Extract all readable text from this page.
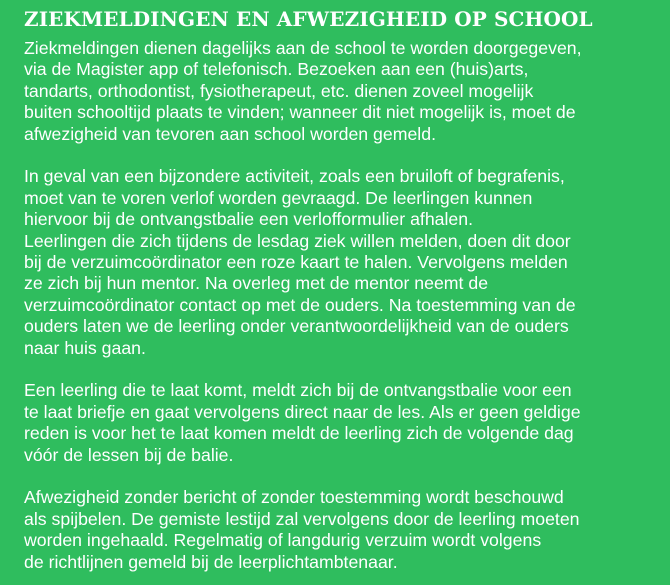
ZIEKMELDINGEN EN AFWEZIGHEID OP SCHOOL

Ziekmeldingen dienen dagelijks aan de school te worden doorgegeven,
via de Magister app of telefonisch. Bezoeken aan een (huis)arts,
tandarts, orthodontist, fysiotherapeut, etc. dienen zoveel mogelijk
buiten schooltijd plaats te vinden; wanneer dit niet mogelijk is, moet de
afwezigheid van tevoren aan school worden gemeld.

In geval van een bijzondere activiteit, zoals een bruiloft of begrafenis,
moet van te voren verlof worden gevraagd. De leerlingen kunnen
hiervoor bij de ontvangstbalie een verlofformulier afhalen.
Leerlingen die zich tijdens de lesdag ziek willen melden, doen dit door
bij de verzuimcoördinator een roze kaart te halen. Vervolgens melden
ze zich bij hun mentor. Na overleg met de mentor neemt de
verzuimcoördinator contact op met de ouders. Na toestemming van de
ouders laten we de leerling onder verantwoordelijkheid van de ouders
naar huis gaan.

Een leerling die te laat komt, meldt zich bij de ontvangstbalie voor een
te laat briefje en gaat vervolgens direct naar de les. Als er geen geldige
reden is voor het te laat komen meldt de leerling zich de volgende dag
vóór de lessen bij de balie.

Afwezigheid zonder bericht of zonder toestemming wordt beschouwd
als spijbelen. De gemiste lestijd zal vervolgens door de leerling moeten
worden ingehaald. Regelmatig of langdurig verzuim wordt volgens
de richtlijnen gemeld bij de leerplichtambtenaar.
